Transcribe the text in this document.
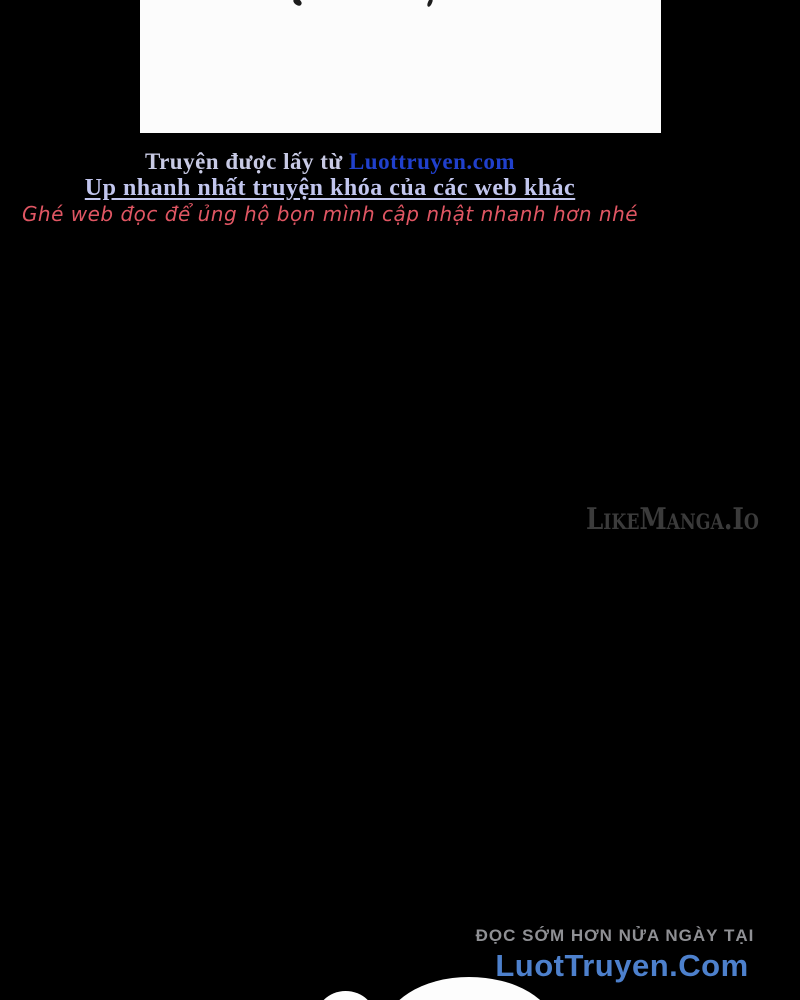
Truyện được lấy từ Luottruyen.com
Up nhanh nhất truyện khóa của các web khác
Ghé web đọc để ủng hộ bọn mình cập nhật nhanh hơn nhé
LikeManga.Io
ĐỌC SỚM HƠN NỬA NGÀY TẠI
LuotTruyen.Com
